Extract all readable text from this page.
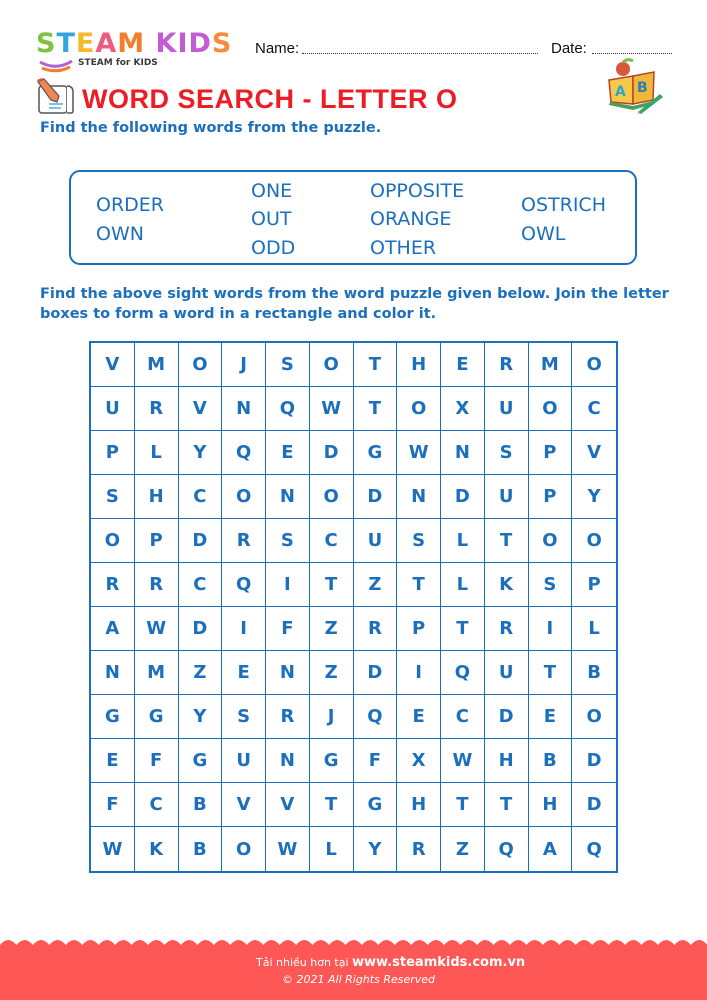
STEAM KIDS
STEAM for KIDS
Name:	Date:
A B
WORD SEARCH - LETTER O
Find the following words from the puzzle.
ORDER
OWN
ONE
OUT
ODD
OPPOSITE
ORANGE
OTHER
OSTRICH
OWL
Find the above sight words from the word puzzle given below. Join the letter
boxes to form a word in a rectangle and color it.
V	M	O	J	S	O	T	H	E	R	M	O
U	R	V	N	Q	W	T	O	X	U	O	C
P	L	Y	Q	E	D	G	W	N	S	P	V
S	H	C	O	N	O	D	N	D	U	P	Y
O	P	D	R	S	C	U	S	L	T	O	O
R	R	C	Q	I	T	Z	T	L	K	S	P
A	W	D	I	F	Z	R	P	T	R	I	L
N	M	Z	E	N	Z	D	I	Q	U	T	B
G	G	Y	S	R	J	Q	E	C	D	E	O
E	F	G	U	N	G	F	X	W	H	B	D
F	C	B	V	V	T	G	H	T	T	H	D
W	K	B	O	W	L	Y	R	Z	Q	A	Q
Tải nhiều hơn tại www.steamkids.com.vn
© 2021 All Rights Reserved
